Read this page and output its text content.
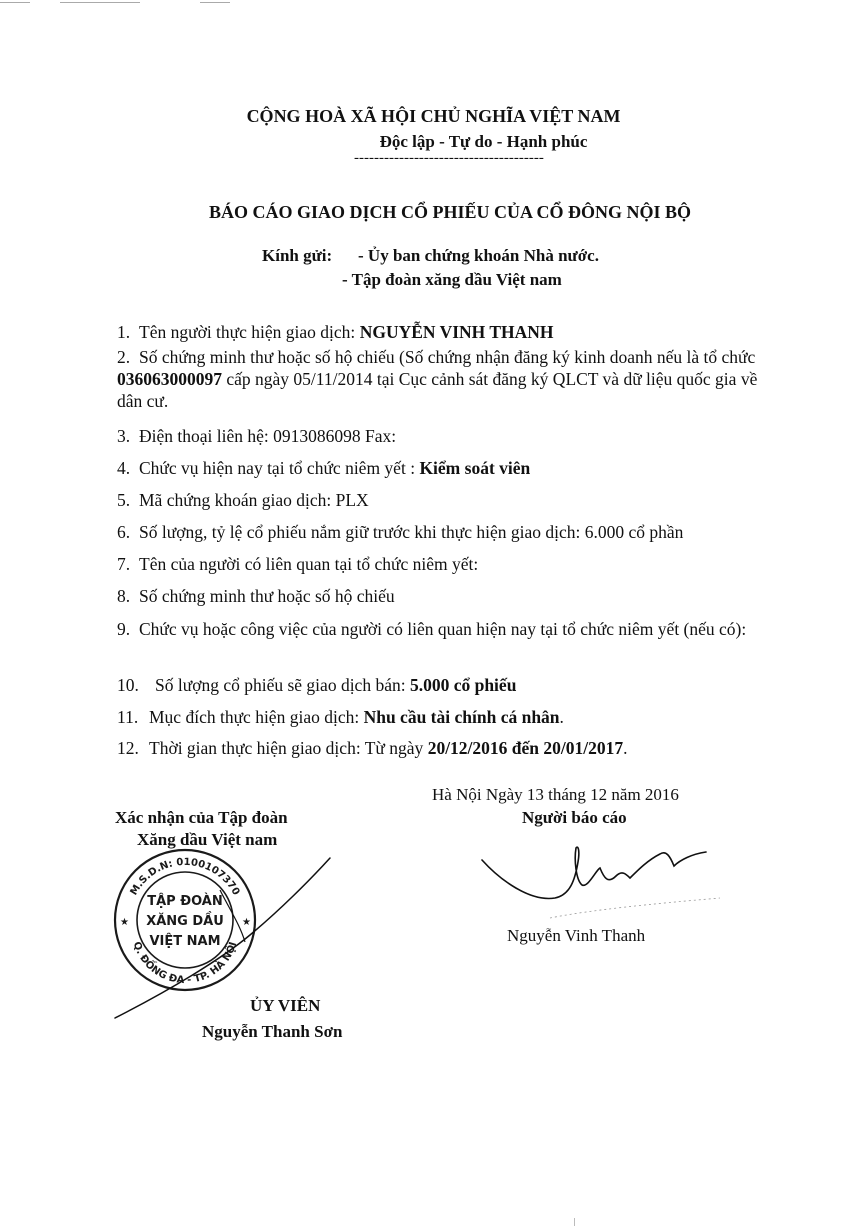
CỘNG HOÀ XÃ HỘI CHỦ NGHĨA VIỆT NAM
Độc lập - Tự do - Hạnh phúc
--------------------------------------
BÁO CÁO GIAO DỊCH CỔ PHIẾU CỦA CỔ ĐÔNG NỘI BỘ
Kính gửi: - Ủy ban chứng khoán Nhà nước.
- Tập đoàn xăng dầu Việt nam
1. Tên người thực hiện giao dịch: NGUYỄN VINH THANH
2. Số chứng minh thư hoặc số hộ chiếu (Số chứng nhận đăng ký kinh doanh nếu là tổ chức 036063000097 cấp ngày 05/11/2014 tại Cục cảnh sát đăng ký QLCT và dữ liệu quốc gia về dân cư.
3. Điện thoại liên hệ: 0913086098 Fax:
4. Chức vụ hiện nay tại tổ chức niêm yết : Kiểm soát viên
5. Mã chứng khoán giao dịch: PLX
6. Số lượng, tỷ lệ cổ phiếu nắm giữ trước khi thực hiện giao dịch: 6.000 cổ phần
7. Tên của người có liên quan tại tổ chức niêm yết:
8. Số chứng minh thư hoặc số hộ chiếu
9. Chức vụ hoặc công việc của người có liên quan hiện nay tại tổ chức niêm yết (nếu có):
10. Số lượng cổ phiếu sẽ giao dịch bán: 5.000 cổ phiếu
11. Mục đích thực hiện giao dịch: Nhu cầu tài chính cá nhân.
12. Thời gian thực hiện giao dịch: Từ ngày 20/12/2016 đến 20/01/2017.
Hà Nội Ngày 13 tháng 12 năm 2016
Người báo cáo
Nguyễn Vinh Thanh
Xác nhận của Tập đoàn
Xăng dầu Việt nam
M.S.D.N: 0100107370
Q. ĐỐNG ĐA - TP. HÀ NỘI
★	★
TẬP ĐOÀN
XĂNG DẦU
VIỆT NAM
ỦY VIÊN
Nguyễn Thanh Sơn
